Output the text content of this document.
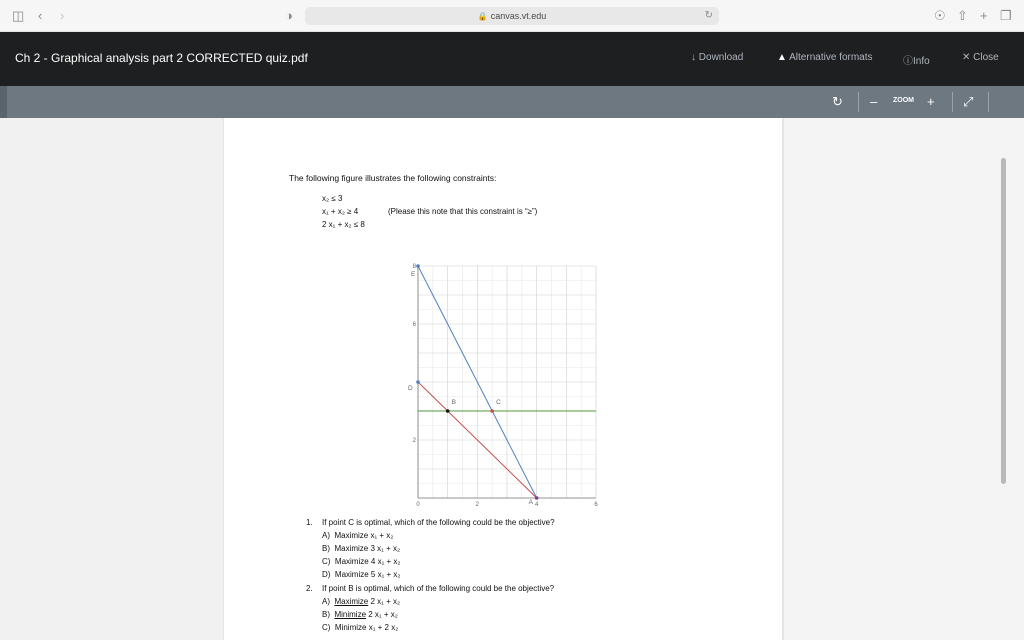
◫ ‹ ›	◑	🔒 canvas.vt.edu	↻	☉ ⇧ + ❐
Ch 2 - Graphical analysis part 2 CORRECTED quiz.pdf	↓ Download	▲ Alternative formats	ⓘInfo	✕ Close
↻ – ZOOM + ⤢
The following figure illustrates the following constraints:
x₂ ≤ 3
x₁ + x₂ ≥ 4	(Please this note that this constraint is “≥”)
2 x₁ + x₂ ≤ 8
0	2	4	6
2
6
8
A
B	C
D
E
1. If point C is optimal, which of the following could be the objective?
A) Maximize x₁ + x₂
B) Maximize 3 x₁ + x₂
C) Maximize 4 x₁ + x₂
D) Maximize 5 x₁ + x₂
2. If point B is optimal, which of the following could be the objective?
A) Maximize 2 x₁ + x₂
B) Minimize 2 x₁ + x₂
C) Minimize x₁ + 2 x₂
